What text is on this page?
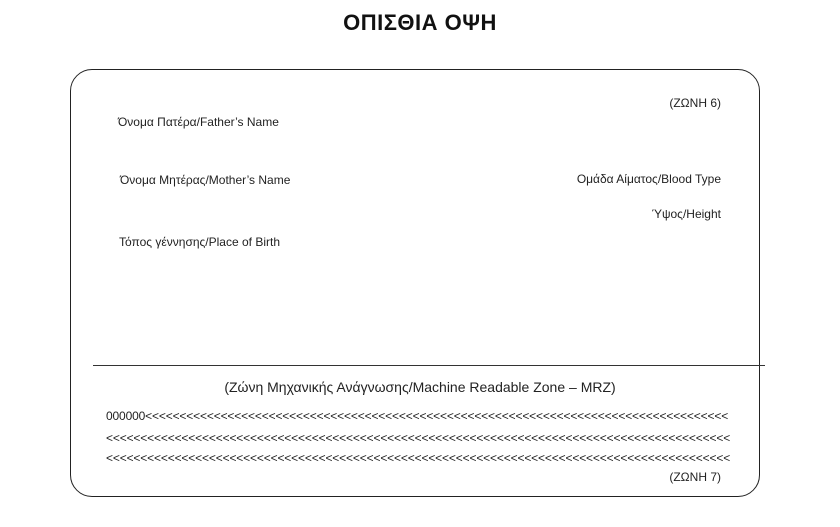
ΟΠΙΣΘΙΑ ΟΨΗ
(ΖΩΝΗ 6)
Όνομα Πατέρα/Father’s Name
Όνομα Μητέρας/Mother’s Name	Ομάδα Αίματος/Blood Type
Ύψος/Height
Τόπος γέννησης/Place of Birth
(Ζώνη Μηχανικής Ανάγνωσης/Machine Readable Zone – MRZ)
000000<<<<<<<<<<<<<<<<<<<<<<<<<<<<<<<<<<<<<<<<<<<<<<<<<<<<<<<<<<<<<<<<<<<<<<<<<<<<<<<<<<<<<
<<<<<<<<<<<<<<<<<<<<<<<<<<<<<<<<<<<<<<<<<<<<<<<<<<<<<<<<<<<<<<<<<<<<<<<<<<<<<<<<<<<<<<<<<<<
<<<<<<<<<<<<<<<<<<<<<<<<<<<<<<<<<<<<<<<<<<<<<<<<<<<<<<<<<<<<<<<<<<<<<<<<<<<<<<<<<<<<<<<<<<<
(ΖΩΝΗ 7)
